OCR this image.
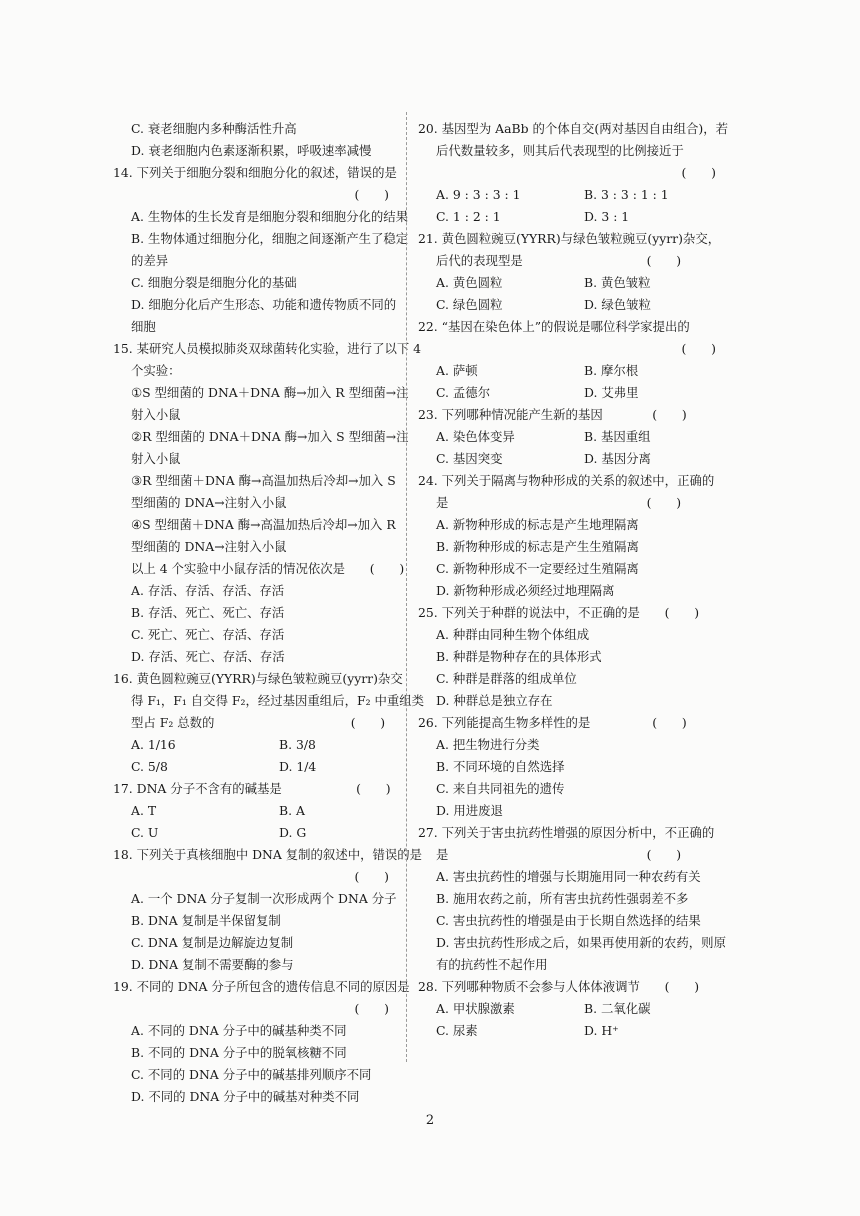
C. 衰老细胞内多种酶活性升高
D. 衰老细胞内色素逐渐积累，呼吸速率减慢
14. 下列关于细胞分裂和细胞分化的叙述，错误的是
(　　)
A. 生物体的生长发育是细胞分裂和细胞分化的结果
B. 生物体通过细胞分化，细胞之间逐渐产生了稳定
的差异
C. 细胞分裂是细胞分化的基础
D. 细胞分化后产生形态、功能和遗传物质不同的
细胞
15. 某研究人员模拟肺炎双球菌转化实验，进行了以下 4
个实验：
①S 型细菌的 DNA＋DNA 酶→加入 R 型细菌→注
射入小鼠
②R 型细菌的 DNA＋DNA 酶→加入 S 型细菌→注
射入小鼠
③R 型细菌＋DNA 酶→高温加热后冷却→加入 S
型细菌的 DNA→注射入小鼠
④S 型细菌＋DNA 酶→高温加热后冷却→加入 R
型细菌的 DNA→注射入小鼠
以上 4 个实验中小鼠存活的情况依次是　　(　　)
A. 存活、存活、存活、存活
B. 存活、死亡、死亡、存活
C. 死亡、死亡、存活、存活
D. 存活、死亡、存活、存活
16. 黄色圆粒豌豆(YYRR)与绿色皱粒豌豆(yyrr)杂交
得 F₁，F₁ 自交得 F₂，经过基因重组后，F₂ 中重组类
型占 F₂ 总数的　　　　　　　　　　　(　　)
A. 1/16	B. 3/8
C. 5/8	D. 1/4
17. DNA 分子不含有的碱基是　　　　　　(　　)
A. T	B. A
C. U	D. G
18. 下列关于真核细胞中 DNA 复制的叙述中，错误的是
(　　)
A. 一个 DNA 分子复制一次形成两个 DNA 分子
B. DNA 复制是半保留复制
C. DNA 复制是边解旋边复制
D. DNA 复制不需要酶的参与
19. 不同的 DNA 分子所包含的遗传信息不同的原因是
(　　)
A. 不同的 DNA 分子中的碱基种类不同
B. 不同的 DNA 分子中的脱氧核糖不同
C. 不同的 DNA 分子中的碱基排列顺序不同
D. 不同的 DNA 分子中的碱基对种类不同
20. 基因型为 AaBb 的个体自交(两对基因自由组合)，若
后代数量较多，则其后代表现型的比例接近于
(　　)
A. 9 : 3 : 3 : 1	B. 3 : 3 : 1 : 1
C. 1 : 2 : 1	D. 3 : 1
21. 黄色圆粒豌豆(YYRR)与绿色皱粒豌豆(yyrr)杂交，
后代的表现型是　　　　　　　　　　(　　)
A. 黄色圆粒	B. 黄色皱粒
C. 绿色圆粒	D. 绿色皱粒
22. “基因在染色体上”的假说是哪位科学家提出的
(　　)
A. 萨顿	B. 摩尔根
C. 孟德尔	D. 艾弗里
23. 下列哪种情况能产生新的基因　　　　(　　)
A. 染色体变异	B. 基因重组
C. 基因突变	D. 基因分离
24. 下列关于隔离与物种形成的关系的叙述中，正确的
是　　　　　　　　　　　　　　　　(　　)
A. 新物种形成的标志是产生地理隔离
B. 新物种形成的标志是产生生殖隔离
C. 新物种形成不一定要经过生殖隔离
D. 新物种形成必须经过地理隔离
25. 下列关于种群的说法中，不正确的是　　(　　)
A. 种群由同种生物个体组成
B. 种群是物种存在的具体形式
C. 种群是群落的组成单位
D. 种群总是独立存在
26. 下列能提高生物多样性的是　　　　　(　　)
A. 把生物进行分类
B. 不同环境的自然选择
C. 来自共同祖先的遗传
D. 用进废退
27. 下列关于害虫抗药性增强的原因分析中，不正确的
是　　　　　　　　　　　　　　　　(　　)
A. 害虫抗药性的增强与长期施用同一种农药有关
B. 施用农药之前，所有害虫抗药性强弱差不多
C. 害虫抗药性的增强是由于长期自然选择的结果
D. 害虫抗药性形成之后，如果再使用新的农药，则原
有的抗药性不起作用
28. 下列哪种物质不会参与人体体液调节　　(　　)
A. 甲状腺激素	B. 二氧化碳
C. 尿素	D. H⁺
2
